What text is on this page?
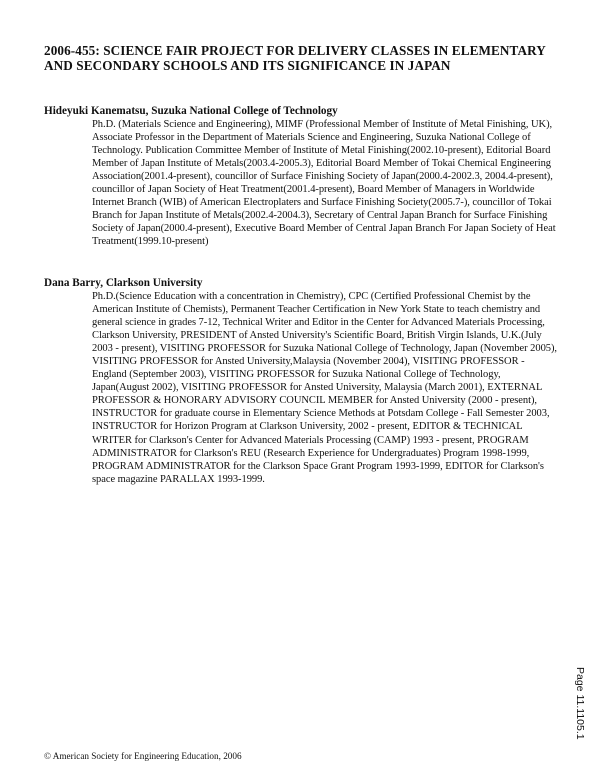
2006-455: SCIENCE FAIR PROJECT FOR DELIVERY CLASSES IN ELEMENTARY AND SECONDARY SCHOOLS AND ITS SIGNIFICANCE IN JAPAN
Hideyuki Kanematsu, Suzuka National College of Technology
Ph.D. (Materials Science and Engineering), MIMF (Professional Member of Institute of Metal Finishing, UK), Associate Professor in the Department of Materials Science and Engineering, Suzuka National College of Technology. Publication Committee Member of Institute of Metal Finishing(2002.10-present), Editorial Board Member of Japan Institute of Metals(2003.4-2005.3), Editorial Board Member of Tokai Chemical Engineering Association(2001.4-present), councillor of Surface Finishing Society of Japan(2000.4-2002.3, 2004.4-present), councillor of Japan Society of Heat Treatment(2001.4-present), Board Member of Managers in Worldwide Internet Branch (WIB) of American Electroplaters and Surface Finishing Society(2005.7-), councillor of Tokai Branch for Japan Institute of Metals(2002.4-2004.3), Secretary of Central Japan Branch for Surface Finishing Society of Japan(2000.4-present), Executive Board Member of Central Japan Branch For Japan Society of Heat Treatment(1999.10-present)
Dana Barry, Clarkson University
Ph.D.(Science Education with a concentration in Chemistry), CPC (Certified Professional Chemist by the American Institute of Chemists), Permanent Teacher Certification in New York State to teach chemistry and general science in grades 7-12, Technical Writer and Editor in the Center for Advanced Materials Processing, Clarkson University, PRESIDENT of Ansted University's Scientific Board, British Virgin Islands, U.K.(July 2003 - present), VISITING PROFESSOR for Suzuka National College of Technology, Japan (November 2005), VISITING PROFESSOR for Ansted University,Malaysia (November 2004), VISITING PROFESSOR - England (September 2003), VISITING PROFESSOR for Suzuka National College of Technology, Japan(August 2002), VISITING PROFESSOR for Ansted University, Malaysia (March 2001), EXTERNAL PROFESSOR & HONORARY ADVISORY COUNCIL MEMBER for Ansted University (2000 - present), INSTRUCTOR for graduate course in Elementary Science Methods at Potsdam College - Fall Semester 2003, INSTRUCTOR for Horizon Program at Clarkson University, 2002 - present, EDITOR & TECHNICAL WRITER for Clarkson's Center for Advanced Materials Processing (CAMP) 1993 - present, PROGRAM ADMINISTRATOR for Clarkson's REU (Research Experience for Undergraduates) Program 1998-1999, PROGRAM ADMINISTRATOR for the Clarkson Space Grant Program 1993-1999, EDITOR for Clarkson's space magazine PARALLAX 1993-1999.
© American Society for Engineering Education, 2006
Page 11.1105.1
